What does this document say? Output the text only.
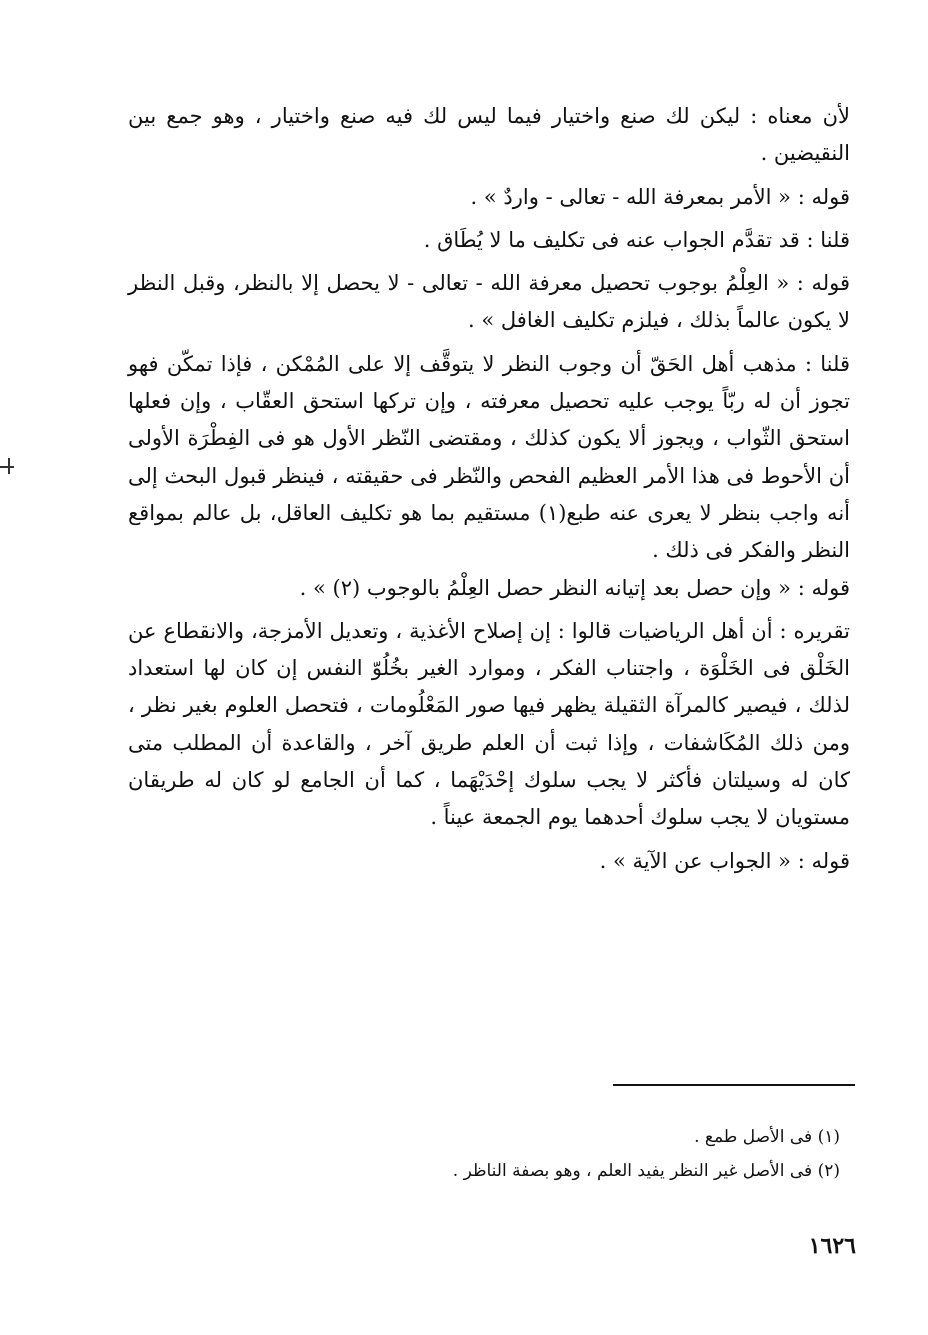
لأن معناه : ليكن لك صنع واختيار فيما ليس لك فيه صنع واختيار ، وهو جمع بين النقيضين .

قوله : « الأمر بمعرفة الله - تعالى - واردٌ » .

قلنا : قد تقدَّم الجواب عنه فى تكليف ما لا يُطَاق .

قوله : « العِلْمُ بوجوب تحصيل معرفة الله - تعالى - لا يحصل إلا بالنظر، وقبل النظر لا يكون عالماً بذلك ، فيلزم تكليف الغافل » .

قلنا : مذهب أهل الحَقّ أن وجوب النظر لا يتوقَّف إلا على المُمْكن ، فإذا تمكّن فهو تجوز أن له ربّاً يوجب عليه تحصيل معرفته ، وإن تركها استحق العقّاب ، وإن فعلها استحق الثّواب ، ويجوز ألا يكون كذلك ، ومقتضى النّظر الأول هو فى الفِطْرَة الأولى أن الأحوط فى هذا الأمر العظيم الفحص والنّظر فى حقيقته ، فينظر قبول البحث إلى أنه واجب بنظر لا يعرى عنه طبع(١) مستقيم بما هو تكليف العاقل، بل عالم بمواقع النظر والفكر فى ذلك .

قوله : « وإن حصل بعد إتيانه النظر حصل العِلْمُ بالوجوب (٢) » .

تقريره : أن أهل الرياضيات قالوا : إن إصلاح الأغذية ، وتعديل الأمزجة، والانقطاع عن الخَلْق فى الخَلْوَة ، واجتناب الفكر ، وموارد الغير بخُلُوّ النفس إن كان لها استعداد لذلك ، فيصير كالمرآة الثقيلة يظهر فيها صور المَعْلُومات ، فتحصل العلوم بغير نظر ، ومن ذلك المُكَاشفات ، وإذا ثبت أن العلم طريق آخر ، والقاعدة أن المطلب متى كان له وسيلتان فأكثر لا يجب سلوك إحْدَيْهَما ، كما أن الجامع لو كان له طريقان مستويان لا يجب سلوك أحدهما يوم الجمعة عيناً .

قوله : « الجواب عن الآية » .

(١) فى الأصل طمع .

(٢) فى الأصل غير النظر يفيد العلم ، وهو بصفة الناظر .

١٦٢٦
